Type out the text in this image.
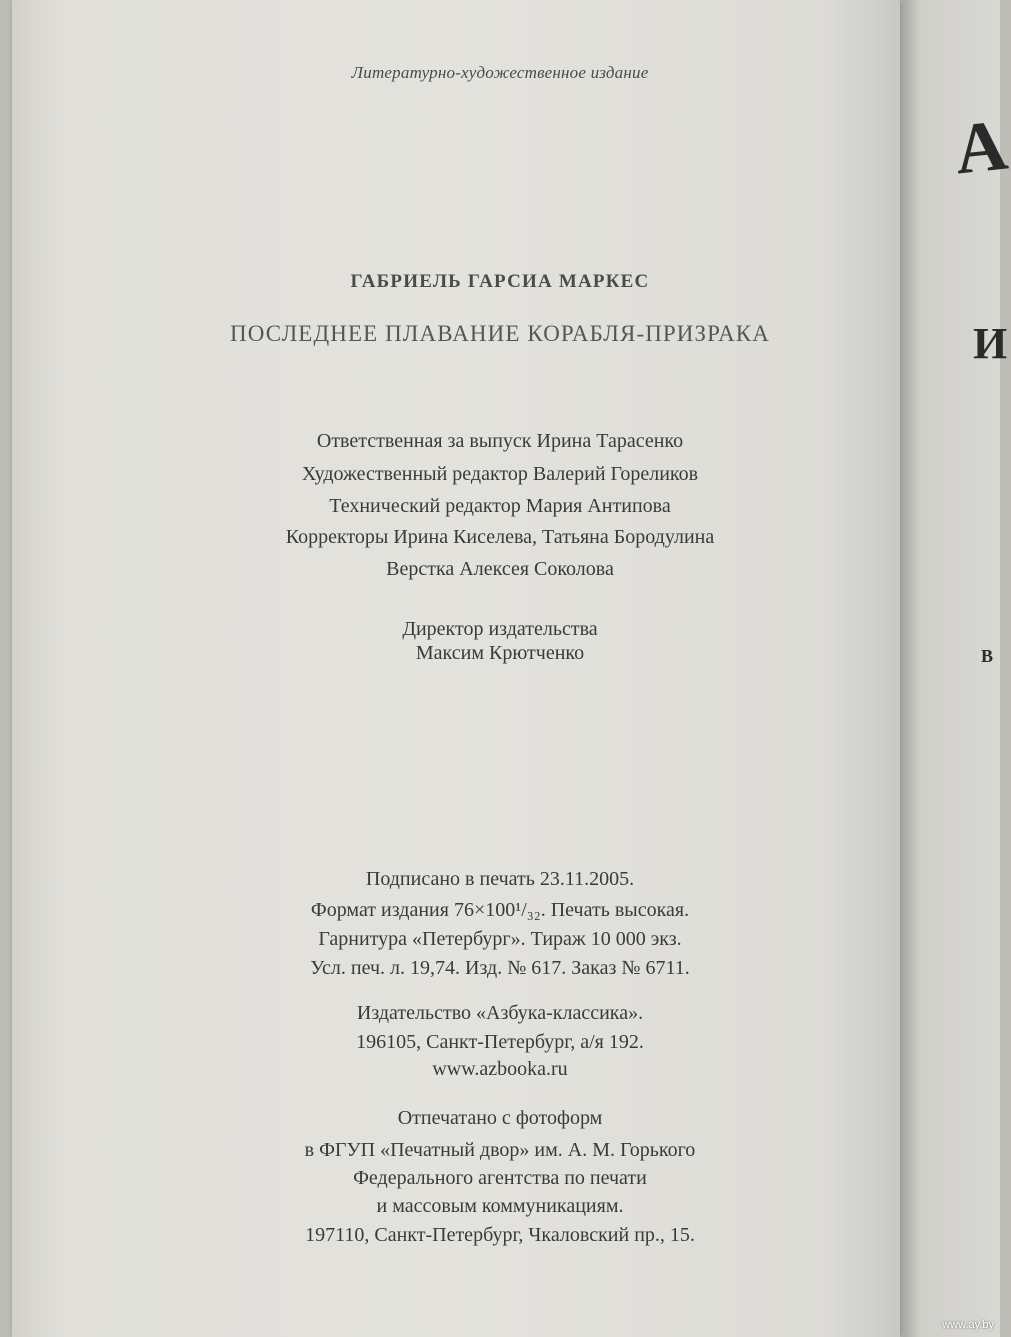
А
И
В
Литературно-художественное издание
ГАБРИЕЛЬ ГАРСИА МАРКЕС
ПОСЛЕДНЕЕ ПЛАВАНИЕ КОРАБЛЯ-ПРИЗРАКА
Ответственная за выпуск Ирина Тарасенко
Художественный редактор Валерий Гореликов
Технический редактор Мария Антипова
Корректоры Ирина Киселева, Татьяна Бородулина
Верстка Алексея Соколова
Директор издательства
Максим Крютченко
Подписано в печать 23.11.2005.
Формат издания 76×100¹/₃₂. Печать высокая.
Гарнитура «Петербург». Тираж 10 000 экз.
Усл. печ. л. 19,74. Изд. № 617. Заказ № 6711.
Издательство «Азбука-классика».
196105, Санкт-Петербург, а/я 192.
www.azbooka.ru
Отпечатано с фотоформ
в ФГУП «Печатный двор» им. А. М. Горького
Федерального агентства по печати
и массовым коммуникациям.
197110, Санкт-Петербург, Чкаловский пр., 15.
www.ay.by
